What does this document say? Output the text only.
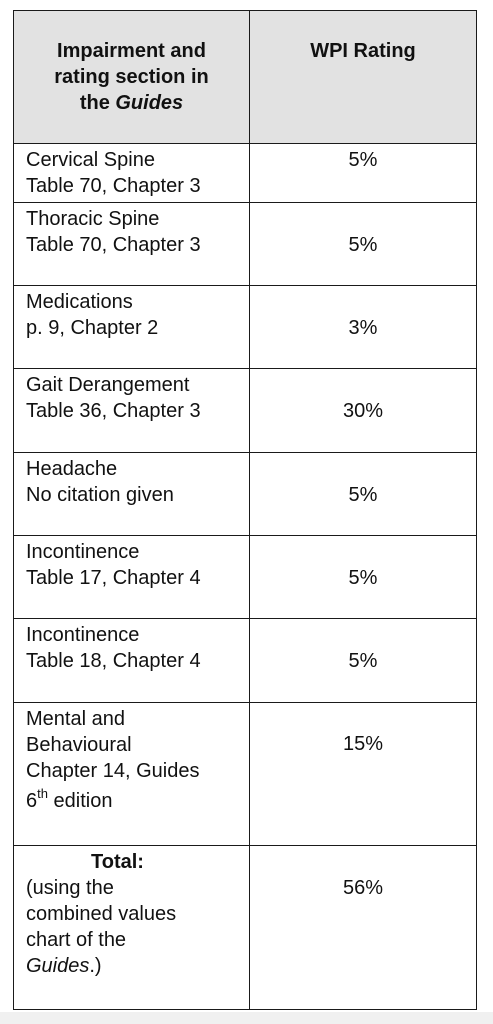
Impairment and
rating section in
the Guides	WPI Rating

Cervical Spine
Table 70, Chapter 3	5%

Thoracic Spine
Table 70, Chapter 3	5%

Medications
p. 9, Chapter 2	3%

Gait Derangement
Table 36, Chapter 3	30%

Headache
No citation given	5%

Incontinence
Table 17, Chapter 4	5%

Incontinence
Table 18, Chapter 4	5%

Mental and
Behavioural
Chapter 14, Guides
6th edition	15%

Total:
(using the
combined values
chart of the
Guides.)	56%
